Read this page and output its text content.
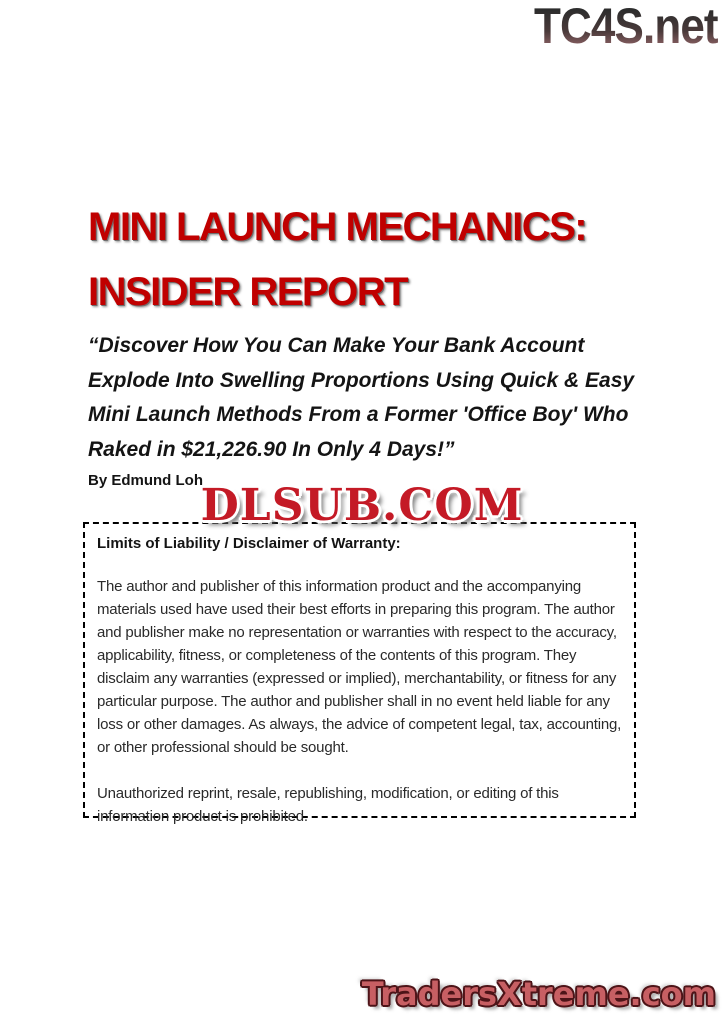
TC4S.net
MINI LAUNCH MECHANICS:
INSIDER REPORT

“Discover How You Can Make Your Bank Account Explode Into Swelling Proportions Using Quick & Easy Mini Launch Methods From a Former 'Office Boy' Who Raked in $21,226.90 In Only 4 Days!”

By Edmund Loh

DLSUB.COM

Limits of Liability / Disclaimer of Warranty:

The author and publisher of this information product and the accompanying materials used have used their best efforts in preparing this program. The author and publisher make no representation or warranties with respect to the accuracy, applicability, fitness, or completeness of the contents of this program. They disclaim any warranties (expressed or implied), merchantability, or fitness for any particular purpose. The author and publisher shall in no event held liable for any loss or other damages. As always, the advice of competent legal, tax, accounting, or other professional should be sought.

Unauthorized reprint, resale, republishing, modification, or editing of this information product is prohibited.

TradersXtreme.com
